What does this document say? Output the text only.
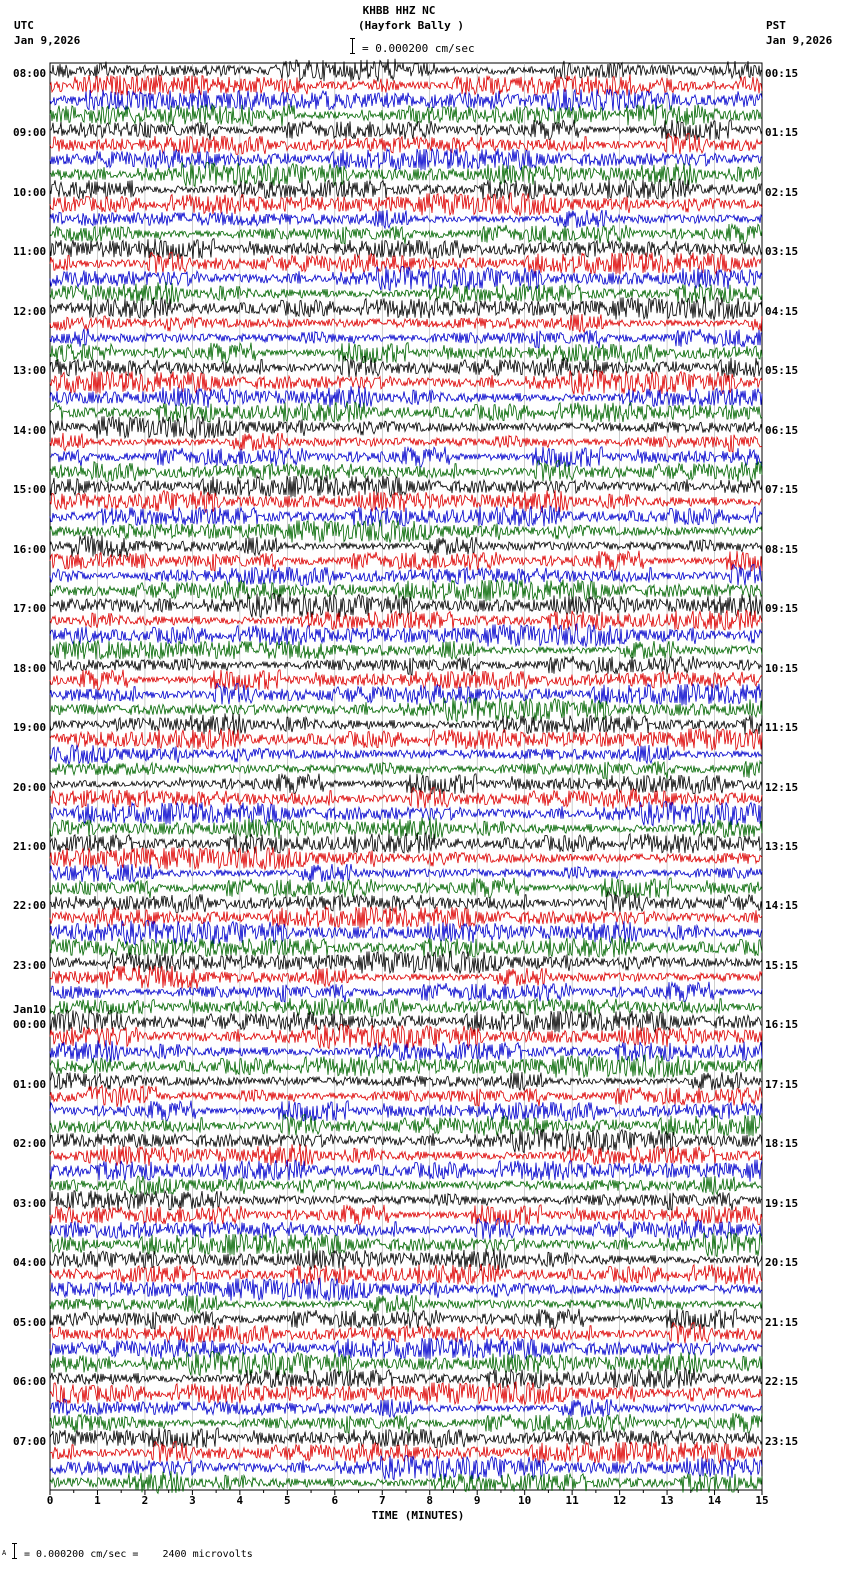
0	1	2	3	4	5	6	7	8	9	10	11	12	13	14	15
KHBB HHZ NC
(Hayfork Bally )
= 0.000200 cm/sec
UTC
Jan 9,2026
PST
Jan 9,2026
TIME (MINUTES)
A = 0.000200 cm/sec =    2400 microvolts
08:00
09:00
10:00
11:00
12:00
13:00
14:00
15:00
16:00
17:00
18:00
19:00
20:00
21:00
22:00
23:00
00:00
Jan10
01:00
02:00
03:00
04:00
05:00
06:00
07:00
00:15
01:15
02:15
03:15
04:15
05:15
06:15
07:15
08:15
09:15
10:15
11:15
12:15
13:15
14:15
15:15
16:15
17:15
18:15
19:15
20:15
21:15
22:15
23:15
